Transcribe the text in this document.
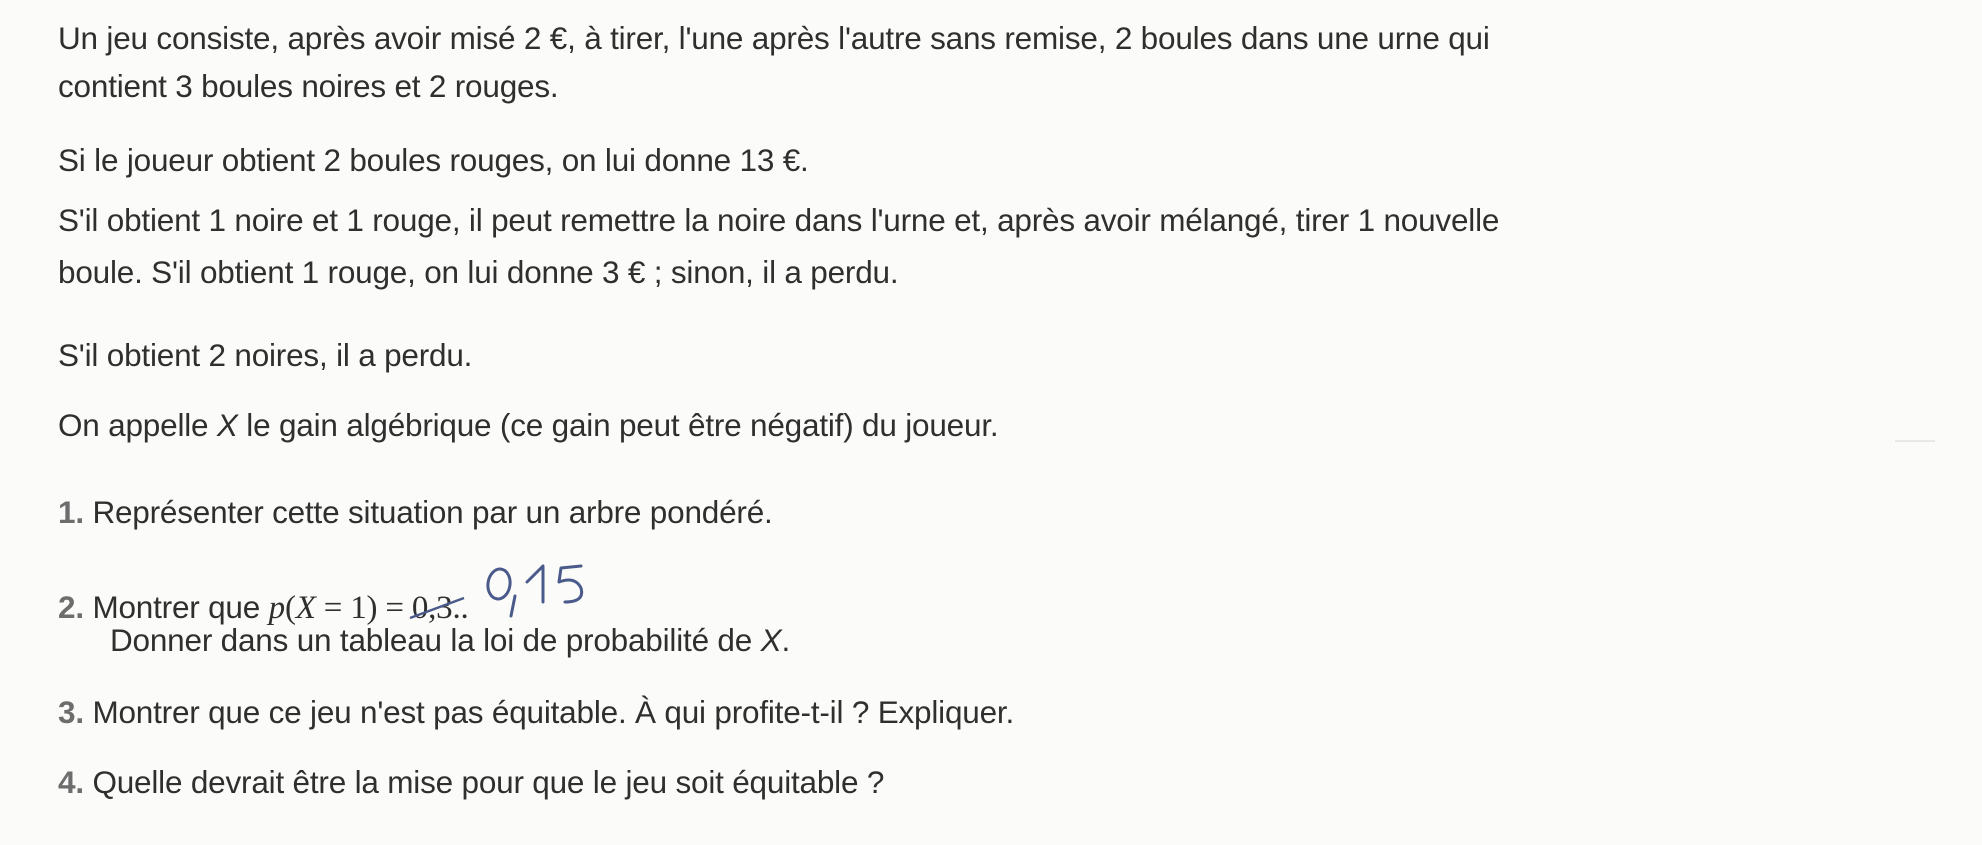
Un jeu consiste, après avoir misé 2 €, à tirer, l'une après l'autre sans remise, 2 boules dans une urne qui
contient 3 boules noires et 2 rouges.
Si le joueur obtient 2 boules rouges, on lui donne 13 €.
S'il obtient 1 noire et 1 rouge, il peut remettre la noire dans l'urne et, après avoir mélangé, tirer 1 nouvelle
boule. S'il obtient 1 rouge, on lui donne 3 € ; sinon, il a perdu.
S'il obtient 2 noires, il a perdu.
On appelle X le gain algébrique (ce gain peut être négatif) du joueur.
1. Représenter cette situation par un arbre pondéré.
2. Montrer que p(X = 1) = 0,3
..
Donner dans un tableau la loi de probabilité de X.
3. Montrer que ce jeu n'est pas équitable. À qui profite-t-il ? Expliquer.
4. Quelle devrait être la mise pour que le jeu soit équitable ?
